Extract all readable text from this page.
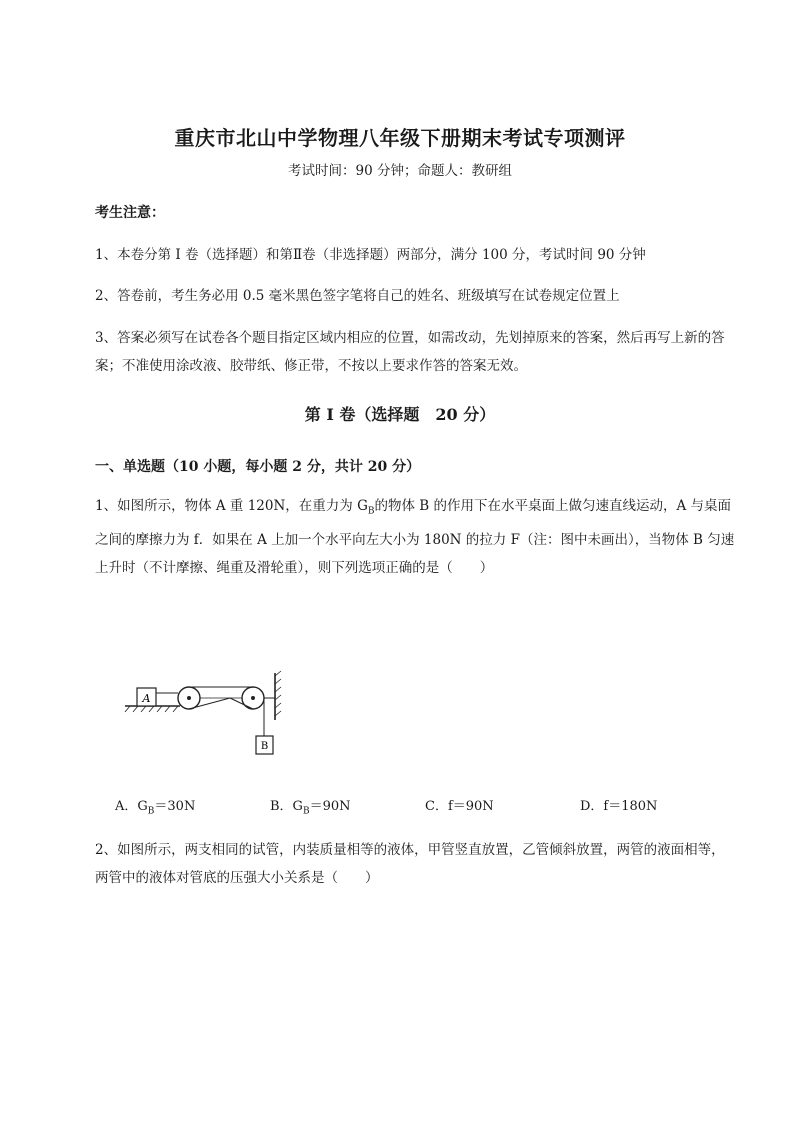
重庆市北山中学物理八年级下册期末考试专项测评
考试时间：90 分钟；命题人：教研组
考生注意：
1、本卷分第 I 卷（选择题）和第Ⅱ卷（非选择题）两部分，满分 100 分，考试时间 90 分钟
2、答卷前，考生务必用 0.5 毫米黑色签字笔将自己的姓名、班级填写在试卷规定位置上
3、答案必须写在试卷各个题目指定区域内相应的位置，如需改动，先划掉原来的答案，然后再写上新的答案；不准使用涂改液、胶带纸、修正带，不按以上要求作答的答案无效。
第 I 卷（选择题　20 分）
一、单选题（10 小题，每小题 2 分，共计 20 分）
1、如图所示，物体 A 重 120N，在重力为 $G_B$的物体 B 的作用下在水平桌面上做匀速直线运动，A 与桌面之间的摩擦力为 f．如果在 A 上加一个水平向左大小为 180N 的拉力 F（注：图中未画出），当物体 B 匀速上升时（不计摩擦、绳重及滑轮重），则下列选项正确的是（　　）
A
B
A．$G_B=30N$	B．$G_B=90N$	C．f＝90N	D．f＝180N
2、如图所示，两支相同的试管，内装质量相等的液体，甲管竖直放置，乙管倾斜放置，两管的液面相等，两管中的液体对管底的压强大小关系是（　　）
